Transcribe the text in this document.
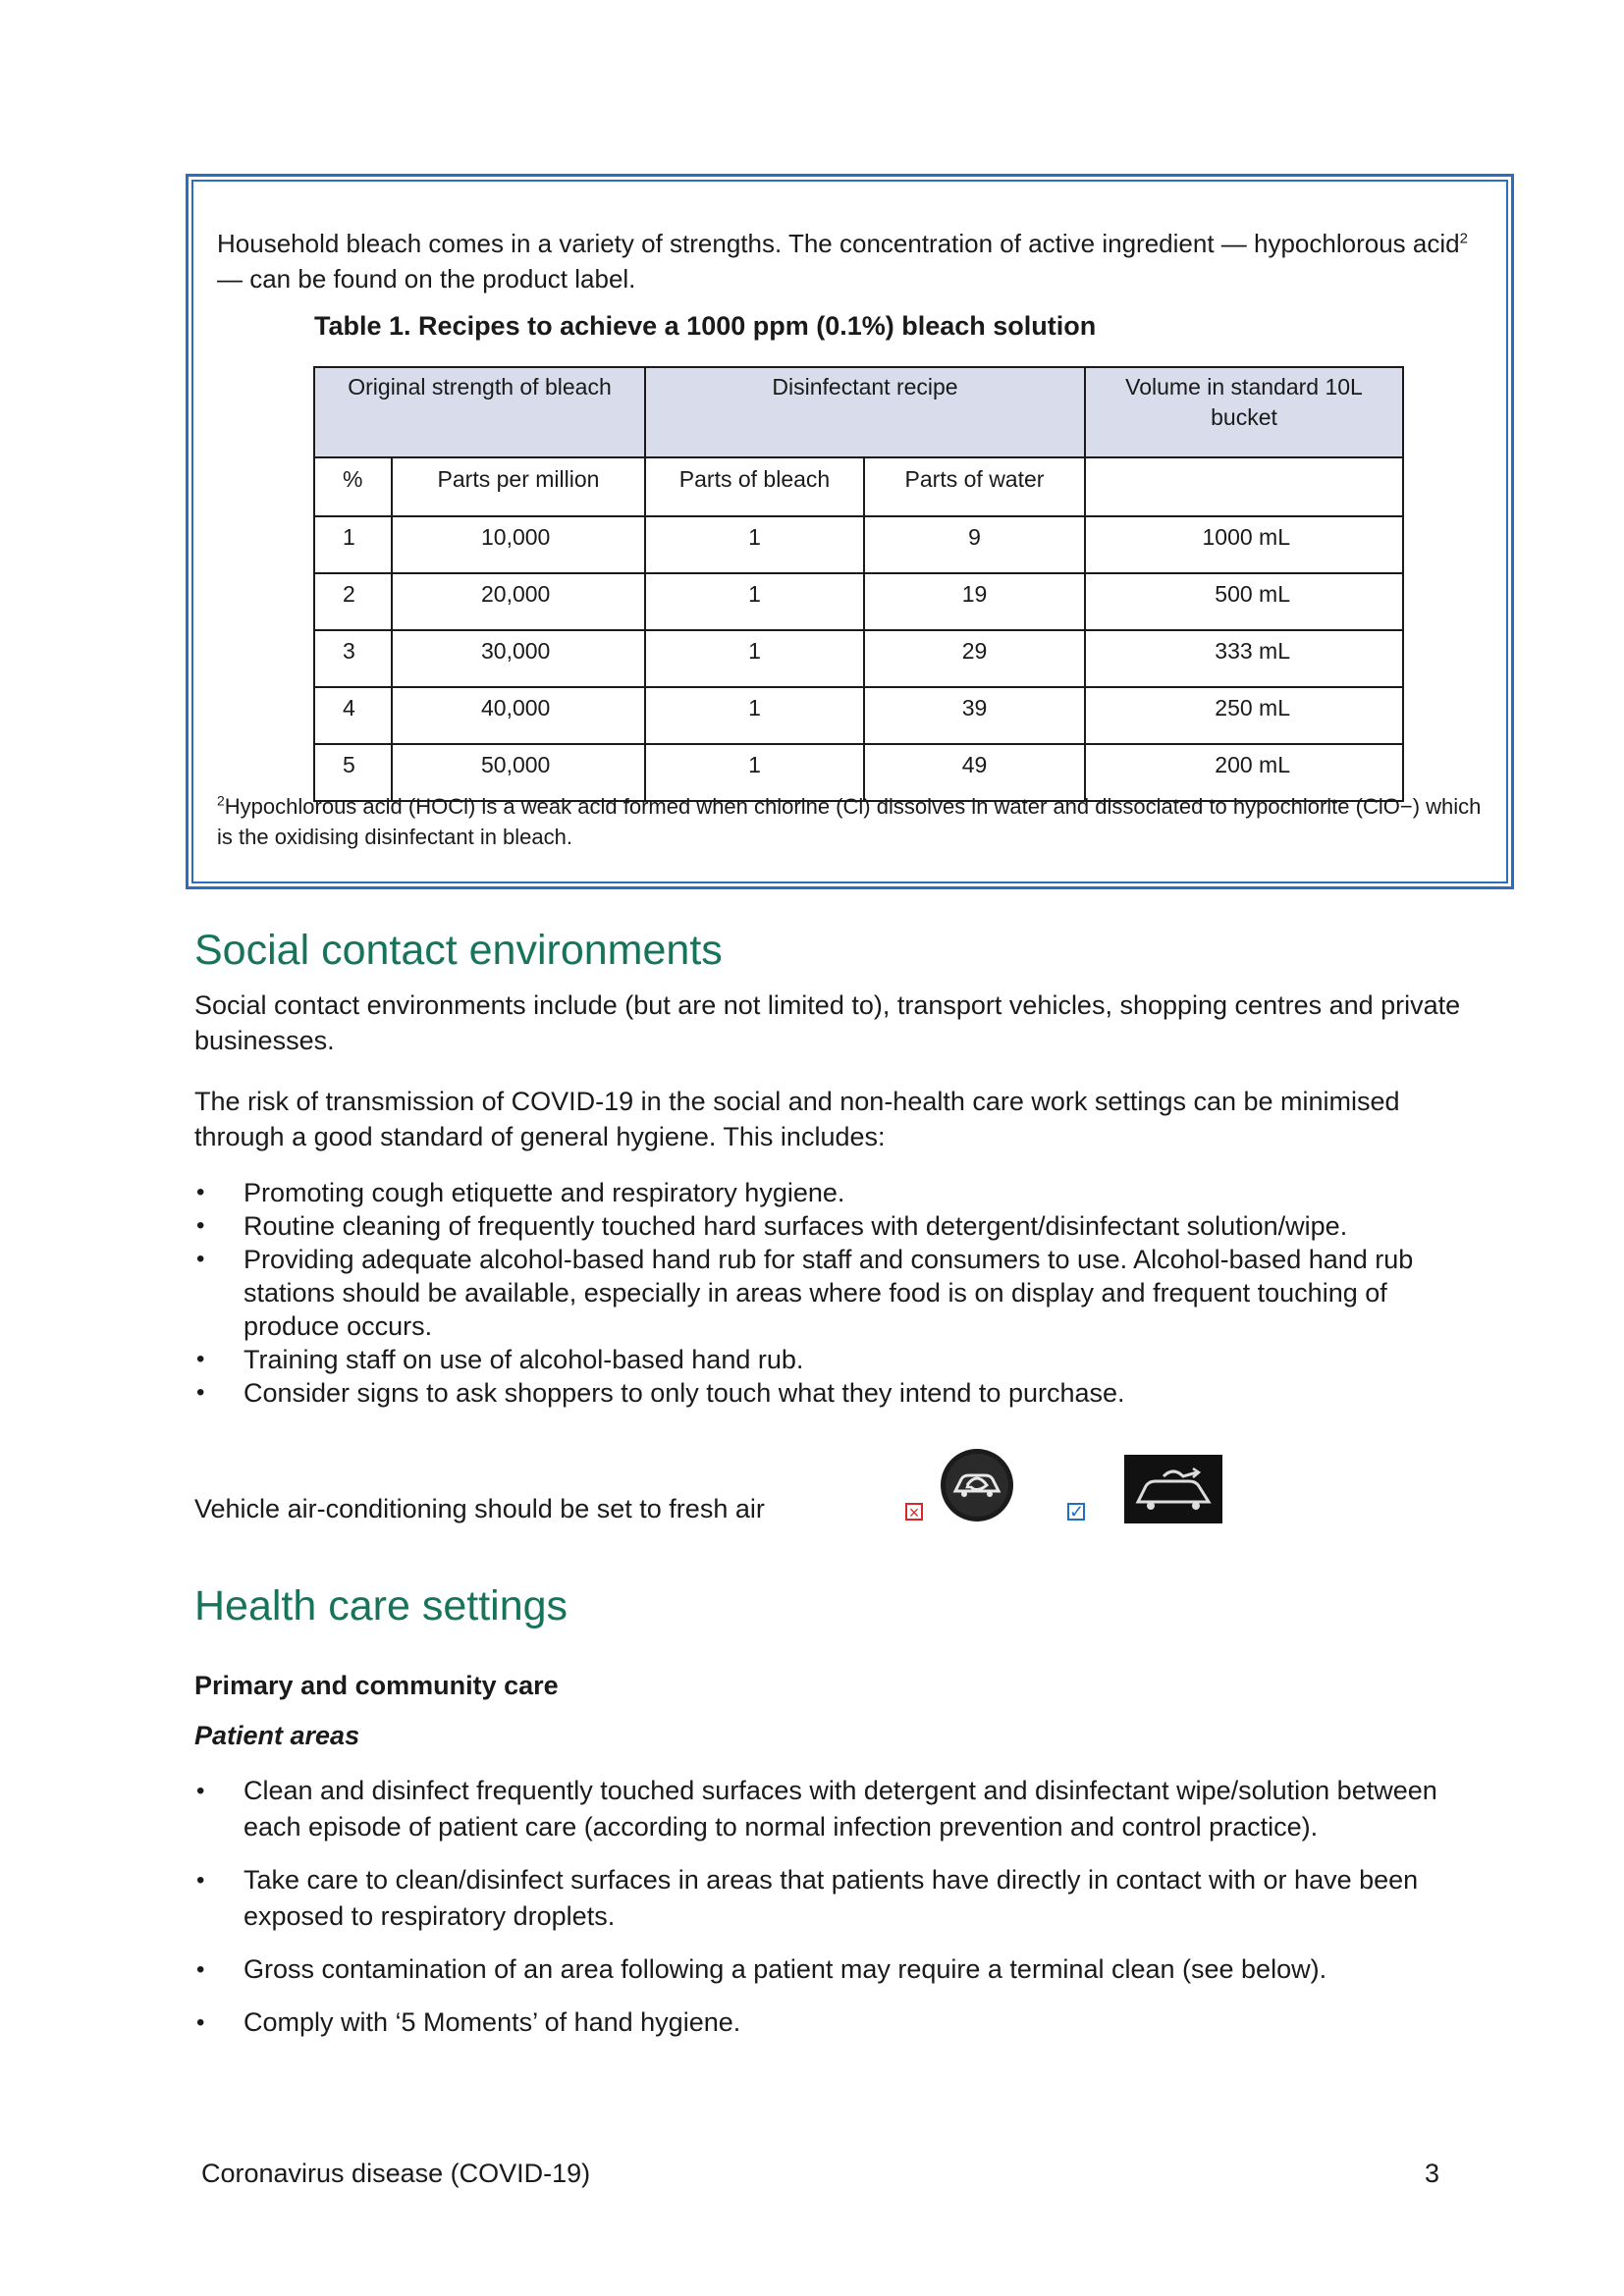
Household bleach comes in a variety of strengths. The concentration of active ingredient — hypochlorous acid$^2$ — can be found on the product label.
Table 1. Recipes to achieve a 1000 ppm (0.1%) bleach solution
Original strength of bleach		Disinfectant recipe		Volume in standard 10L bucket
%	Parts per million	Parts of bleach	Parts of water	
1	10,000	1	9	1000 mL
2	20,000	1	19	500 mL
3	30,000	1	29	333 mL
4	40,000	1	39	250 mL
5	50,000	1	49	200 mL
$^2$Hypochlorous acid (HOCl) is a weak acid formed when chlorine (Cl) dissolves in water and dissociated to hypochlorite (ClO−) which is the oxidising disinfectant in bleach.
Social contact environments
Social contact environments include (but are not limited to), transport vehicles, shopping centres and private businesses.
The risk of transmission of COVID-19 in the social and non-health care work settings can be minimised through a good standard of general hygiene. This includes:
• Promoting cough etiquette and respiratory hygiene.
• Routine cleaning of frequently touched hard surfaces with detergent/disinfectant solution/wipe.
• Providing adequate alcohol-based hand rub for staff and consumers to use. Alcohol-based hand rub stations should be available, especially in areas where food is on display and frequent touching of produce occurs.
• Training staff on use of alcohol-based hand rub.
• Consider signs to ask shoppers to only touch what they intend to purchase.
Vehicle air-conditioning should be set to fresh air	×	✓
Health care settings
Primary and community care
Patient areas
• Clean and disinfect frequently touched surfaces with detergent and disinfectant wipe/solution between each episode of patient care (according to normal infection prevention and control practice).
• Take care to clean/disinfect surfaces in areas that patients have directly in contact with or have been exposed to respiratory droplets.
• Gross contamination of an area following a patient may require a terminal clean (see below).
• Comply with ‘5 Moments’ of hand hygiene.
Coronavirus disease (COVID-19)	3
